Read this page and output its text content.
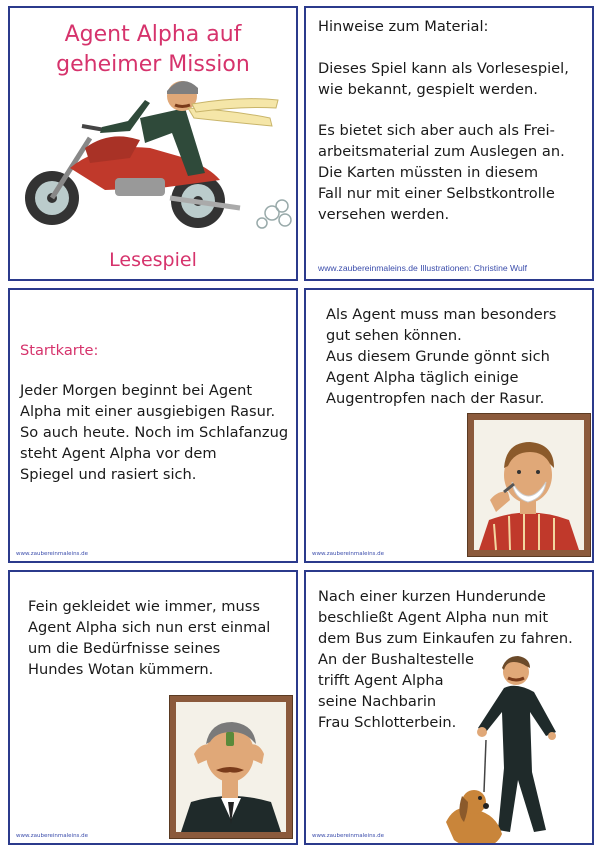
Agent Alpha auf
geheimer Mission
Lesespiel
Hinweise zum Material:
Dieses Spiel kann als Vorlesespiel,
wie bekannt, gespielt werden.
Es bietet sich aber auch als Frei-
arbeitsmaterial zum Auslegen an.
Die Karten müssten in diesem
Fall nur mit einer Selbstkontrolle
versehen werden.
www.zaubereinmaleins.de Illustrationen: Christine Wulf
Startkarte:
Jeder Morgen beginnt bei Agent
Alpha mit einer ausgiebigen Rasur.
So auch heute. Noch im Schlafanzug
steht Agent Alpha vor dem
Spiegel und rasiert sich.
www.zaubereinmaleins.de
Als Agent muss man besonders
gut sehen können.
Aus diesem Grunde gönnt sich
Agent Alpha täglich einige
Augentropfen nach der Rasur.
www.zaubereinmaleins.de
Fein gekleidet wie immer, muss
Agent Alpha sich nun erst einmal
um die Bedürfnisse seines
Hundes Wotan kümmern.
www.zaubereinmaleins.de
Nach einer kurzen Hunderunde
beschließt Agent Alpha nun mit
dem Bus zum Einkaufen zu fahren.
An der Bushaltestelle
trifft Agent Alpha
seine Nachbarin
Frau Schlotterbein.
www.zaubereinmaleins.de
